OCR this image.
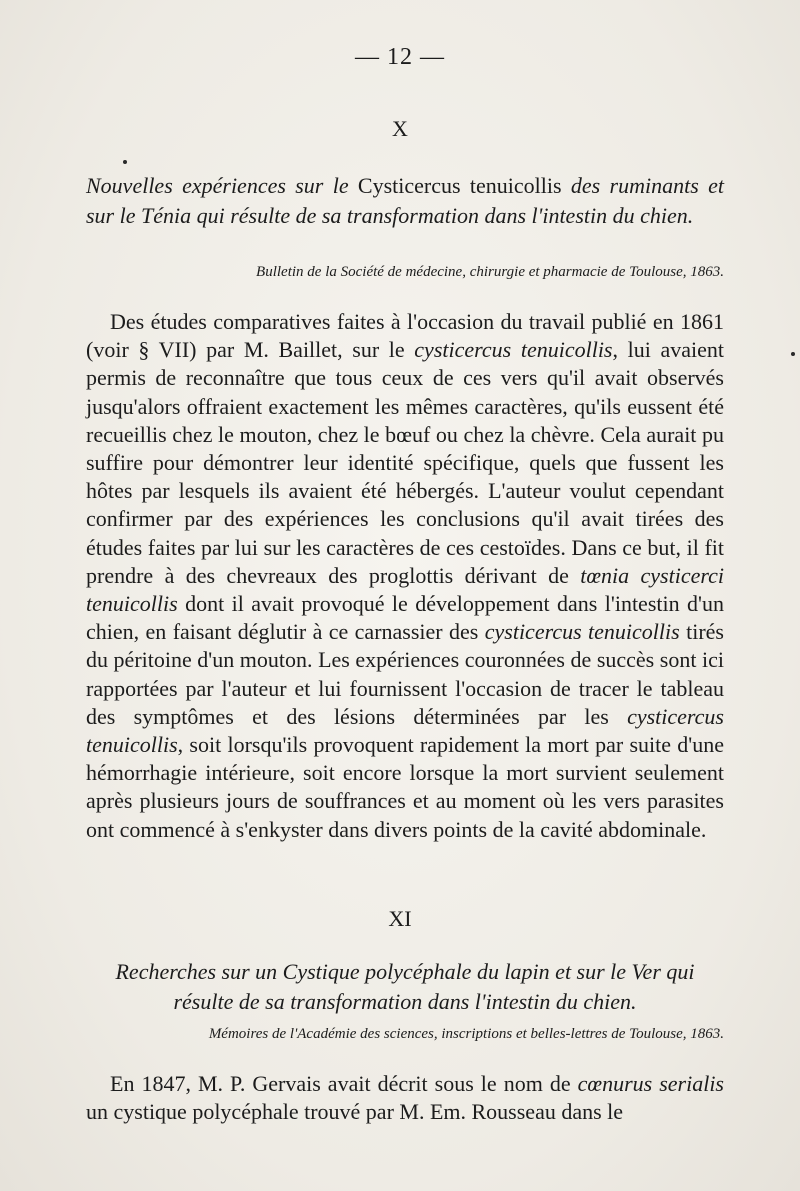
— 12 —
X
Nouvelles expériences sur le Cysticercus tenuicollis des ruminants et sur le Ténia qui résulte de sa transformation dans l'intestin du chien.
Bulletin de la Société de médecine, chirurgie et pharmacie de Toulouse, 1863.

Des études comparatives faites à l'occasion du travail publié en 1861 (voir § VII) par M. Baillet, sur le cysticercus tenuicollis, lui avaient permis de reconnaître que tous ceux de ces vers qu'il avait observés jusqu'alors offraient exactement les mêmes caractères, qu'ils eussent été recueillis chez le mouton, chez le bœuf ou chez la chèvre. Cela aurait pu suffire pour démontrer leur identité spécifique, quels que fussent les hôtes par lesquels ils avaient été hébergés. L'auteur voulut cependant confirmer par des expériences les conclusions qu'il avait tirées des études faites par lui sur les caractères de ces cestoïdes. Dans ce but, il fit prendre à des chevreaux des proglottis dérivant de tœnia cysticerci tenuicollis dont il avait provoqué le développement dans l'intestin d'un chien, en faisant déglutir à ce carnassier des cysticercus tenuicollis tirés du péritoine d'un mouton. Les expériences couronnées de succès sont ici rapportées par l'auteur et lui fournissent l'occasion de tracer le tableau des symptômes et des lésions déterminées par les cysticercus tenuicollis, soit lorsqu'ils provoquent rapidement la mort par suite d'une hémorrhagie intérieure, soit encore lorsque la mort survient seulement après plusieurs jours de souffrances et au moment où les vers parasites ont commencé à s'enkyster dans divers points de la cavité abdominale.

XI
Recherches sur un Cystique polycéphale du lapin et sur le Ver qui résulte de sa transformation dans l'intestin du chien.
Mémoires de l'Académie des sciences, inscriptions et belles-lettres de Toulouse, 1863.

En 1847, M. P. Gervais avait décrit sous le nom de cœnurus serialis un cystique polycéphale trouvé par M. Em. Rousseau dans le
